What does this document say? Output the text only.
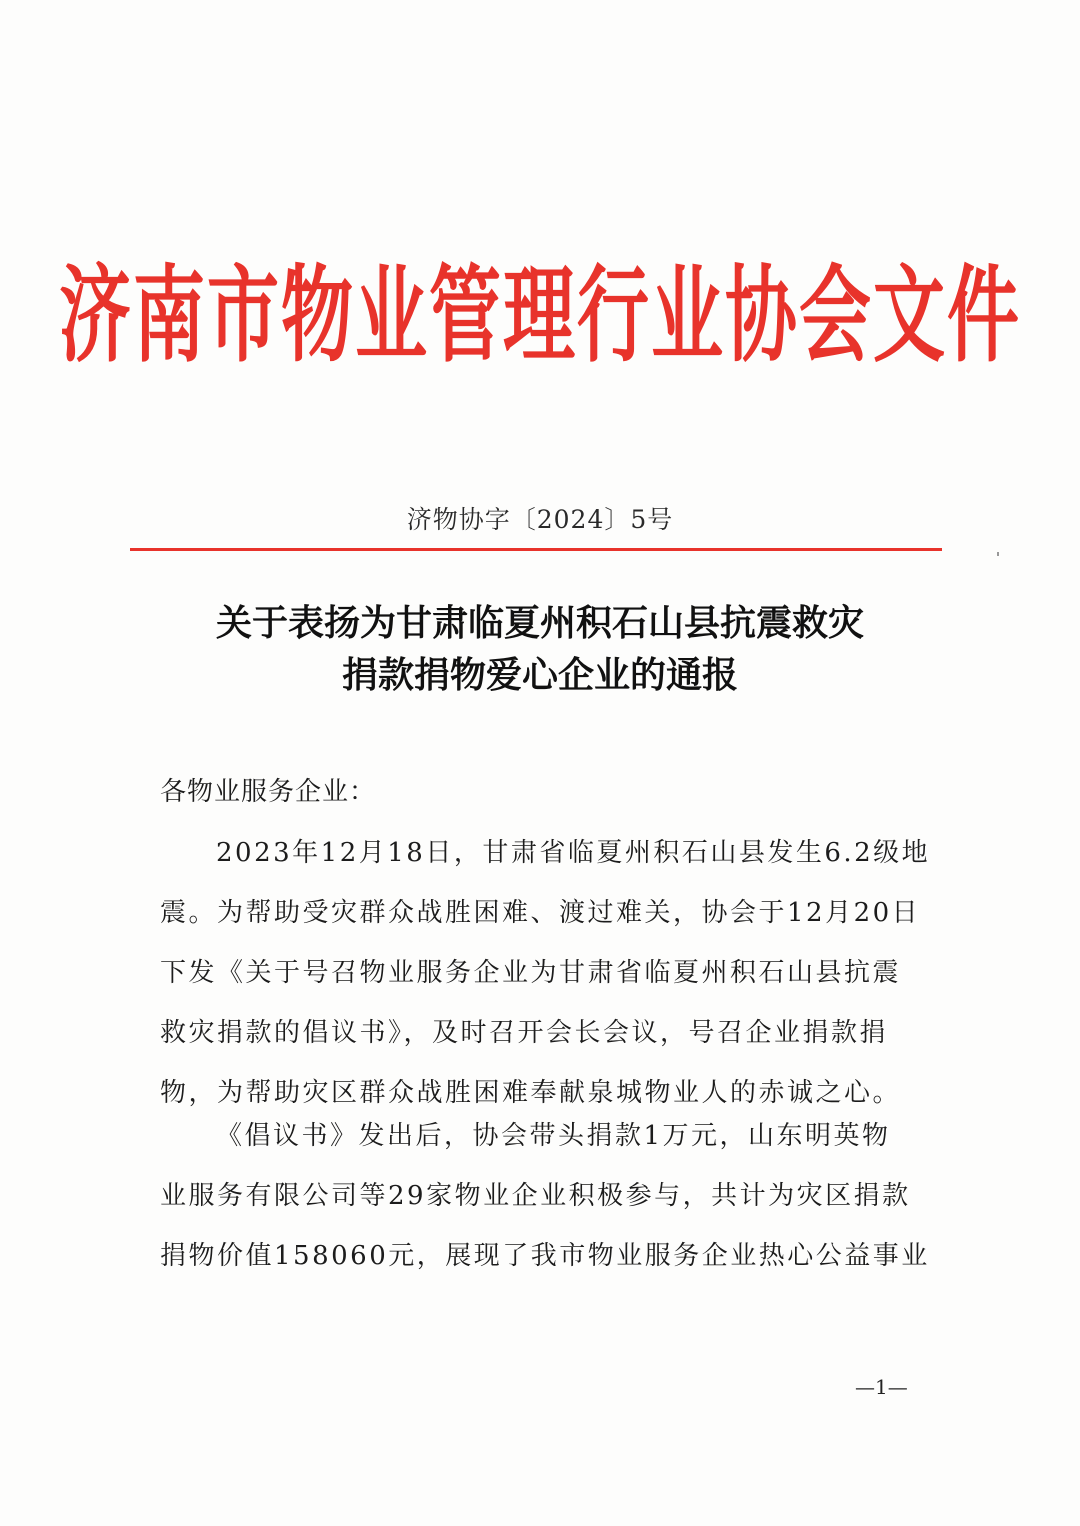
济南市物业管理行业协会文件
济物协字〔2024〕5号
关于表扬为甘肃临夏州积石山县抗震救灾
捐款捐物爱心企业的通报
各物业服务企业：
2023年12月18日，甘肃省临夏州积石山县发生6.2级地
震。为帮助受灾群众战胜困难、渡过难关，协会于12月20日
下发《关于号召物业服务企业为甘肃省临夏州积石山县抗震
救灾捐款的倡议书》，及时召开会长会议，号召企业捐款捐
物，为帮助灾区群众战胜困难奉献泉城物业人的赤诚之心。
《倡议书》发出后，协会带头捐款1万元，山东明英物
业服务有限公司等29家物业企业积极参与，共计为灾区捐款
捐物价值158060元，展现了我市物业服务企业热心公益事业
—1—
